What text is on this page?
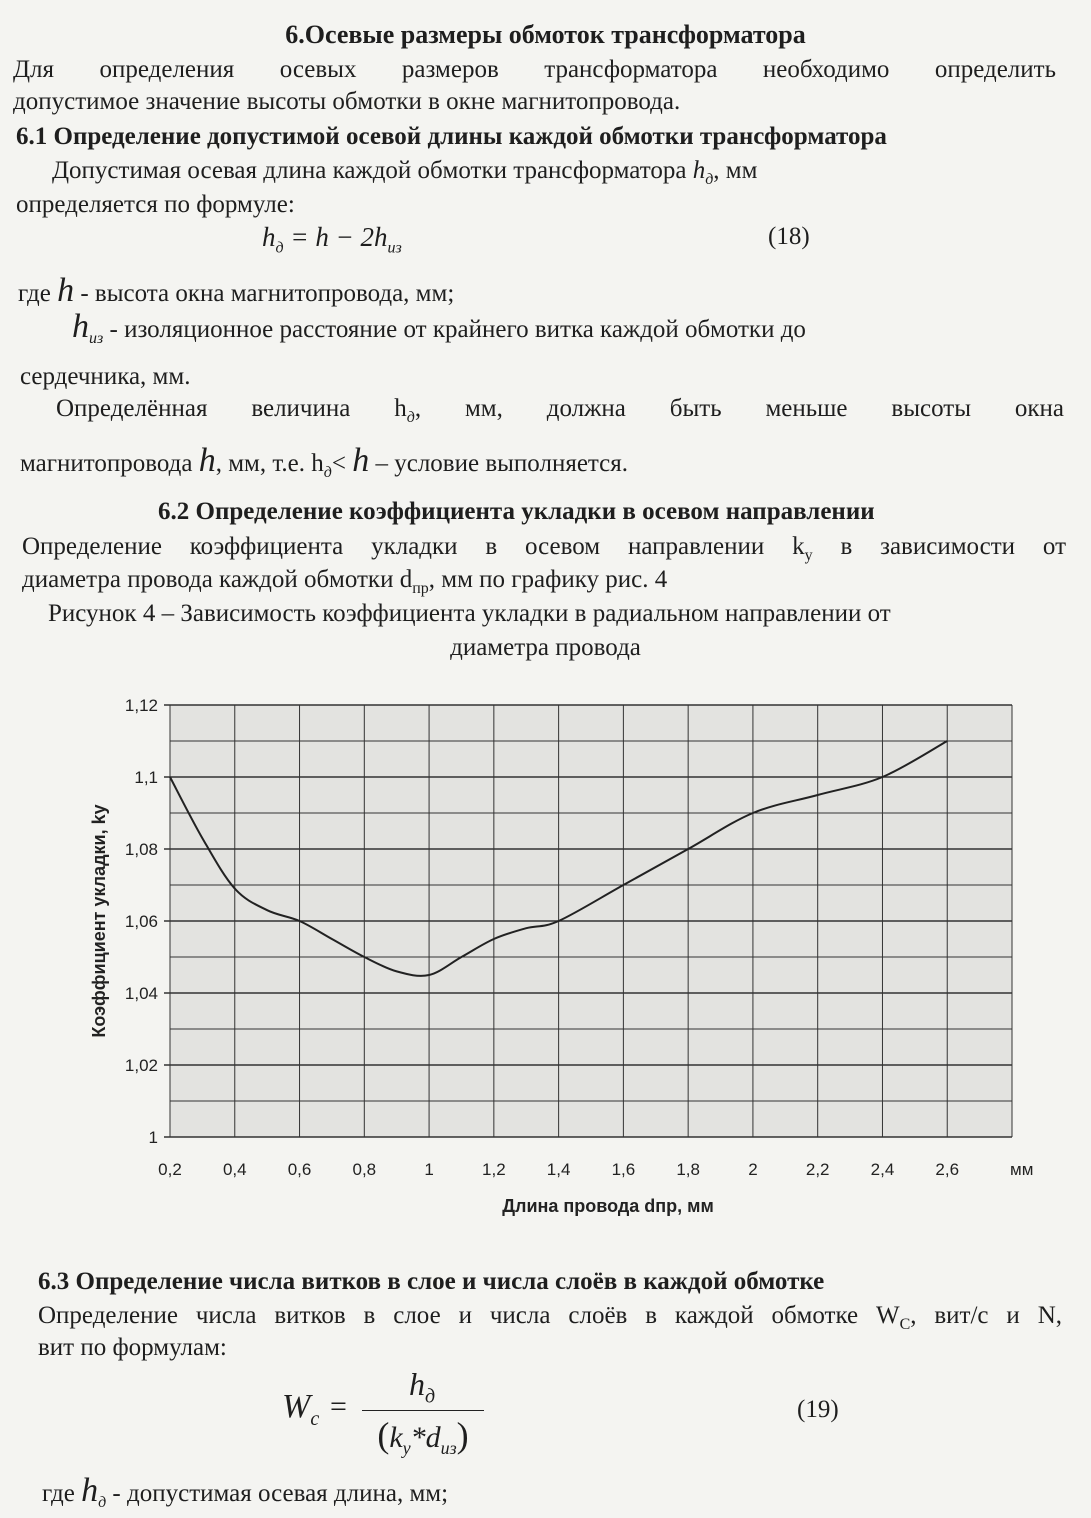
6.Осевые размеры обмоток трансформатора
Для определения осевых размеров трансформатора необходимо определить
допустимое значение высоты обмотки в окне магнитопровода.
6.1 Определение допустимой осевой длины каждой обмотки трансформатора
Допустимая осевая длина каждой обмотки трансформатора $h_д$, мм
определяется по формуле:
$h_д = h - 2h_{из}$	(18)
где h - высота окна магнитопровода, мм;
$h_{из}$ - изоляционное расстояние от крайнего витка каждой обмотки до
сердечника, мм.
Определённая величина $h_д$, мм, должна быть меньше высоты окна
магнитопровода h, мм, т.е. $h_д< h$ – условие выполняется.
6.2 Определение коэффициента укладки в осевом направлении
Определение коэффициента укладки в осевом направлении $k_y$ в зависимости от
диаметра провода каждой обмотки $d_{пр}$, мм по графику рис. 4
Рисунок 4 – Зависимость коэффициента укладки в радиальном направлении от
диаметра провода
1
1,02
1,04
1,06
1,08
1,1
1,12
0,2 0,4 0,6 0,8	1	1,2 1,4 1,6 1,8	2	2,2 2,4 2,6	мм
Длина провода dпр, мм
Коэффициент укладки, ky
6.3 Определение числа витков в слое и числа слоёв в каждой обмотке
Определение числа витков в слое и числа слоёв в каждой обмотке $W_C$, вит/с и N,
вит по формулам:
$W_c$ =
$h_д$
$(k_y*d_{из})$
(19)
где $h_д$ - допустимая осевая длина, мм;
